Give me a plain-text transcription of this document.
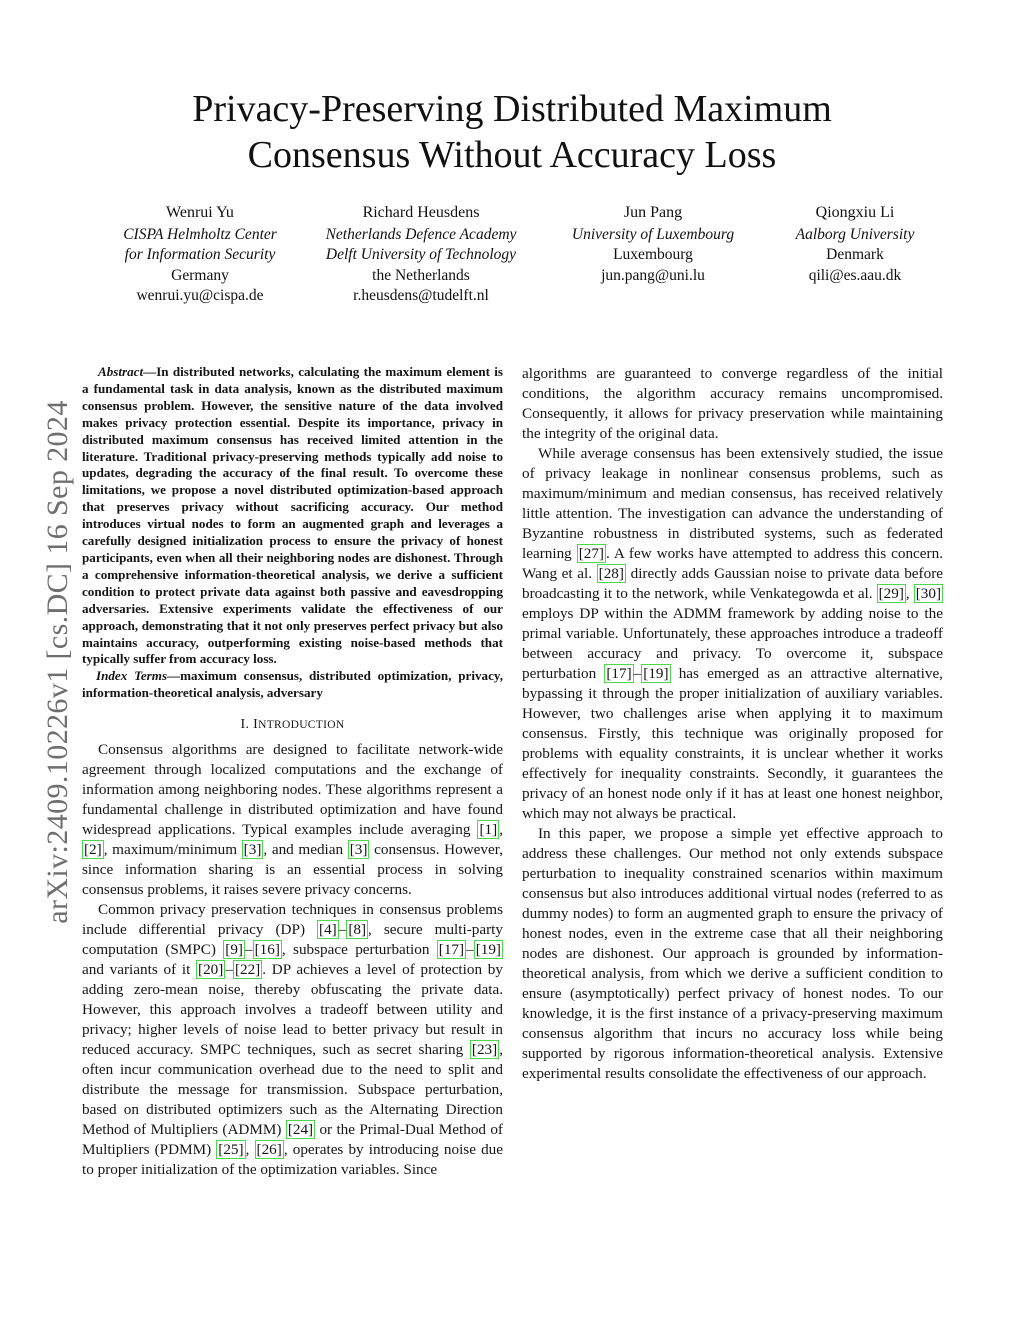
arXiv:2409.10226v1 [cs.DC] 16 Sep 2024
Privacy-Preserving Distributed Maximum
Consensus Without Accuracy Loss
Wenrui Yu
CISPA Helmholtz Center
for Information Security
Germany
wenrui.yu@cispa.de
Richard Heusdens
Netherlands Defence Academy
Delft University of Technology
the Netherlands
r.heusdens@tudelft.nl
Jun Pang
University of Luxembourg
Luxembourg
jun.pang@uni.lu
Qiongxiu Li
Aalborg University
Denmark
qili@es.aau.dk

Abstract—In distributed networks, calculating the maximum element is a fundamental task in data analysis, known as the distributed maximum consensus problem. However, the sensitive nature of the data involved makes privacy protection essential. Despite its importance, privacy in distributed maximum consensus has received limited attention in the literature. Traditional privacy-preserving methods typically add noise to updates, degrading the accuracy of the final result. To overcome these limitations, we propose a novel distributed optimization-based approach that preserves privacy without sacrificing accuracy. Our method introduces virtual nodes to form an augmented graph and leverages a carefully designed initialization process to ensure the privacy of honest participants, even when all their neighboring nodes are dishonest. Through a comprehensive information-theoretical analysis, we derive a sufficient condition to protect private data against both passive and eavesdropping adversaries. Extensive experiments validate the effectiveness of our approach, demonstrating that it not only preserves perfect privacy but also maintains accuracy, outperforming existing noise-based methods that typically suffer from accuracy loss.

Index Terms—maximum consensus, distributed optimization, privacy, information-theoretical analysis, adversary

I. INTRODUCTION

Consensus algorithms are designed to facilitate network-wide agreement through localized computations and the exchange of information among neighboring nodes. These algorithms represent a fundamental challenge in distributed optimization and have found widespread applications. Typical examples include averaging [1] , [2] , maximum/minimum [3] , and median [3] consensus. However, since information sharing is an essential process in solving consensus problems, it raises severe privacy concerns.

Common privacy preservation techniques in consensus problems include differential privacy (DP) [4] – [8] , secure multi-party computation (SMPC) [9] – [16] , subspace perturbation [17] – [19] and variants of it [20] – [22] . DP achieves a level of protection by adding zero-mean noise, thereby obfuscating the private data. However, this approach involves a tradeoff between utility and privacy; higher levels of noise lead to better privacy but result in reduced accuracy. SMPC techniques, such as secret sharing [23] , often incur communication overhead due to the need to split and distribute the message for transmission. Subspace perturbation, based on distributed optimizers such as the Alternating Direction Method of Multipliers (ADMM) [24] or the Primal-Dual Method of Multipliers (PDMM) [25] , [26] , operates by introducing noise due to proper initialization of the optimization variables. Since

algorithms are guaranteed to converge regardless of the initial conditions, the algorithm accuracy remains uncompromised. Consequently, it allows for privacy preservation while maintaining the integrity of the original data.

While average consensus has been extensively studied, the issue of privacy leakage in nonlinear consensus problems, such as maximum/minimum and median consensus, has received relatively little attention. The investigation can advance the understanding of Byzantine robustness in distributed systems, such as federated learning [27] . A few works have attempted to address this concern. Wang et al. [28] directly adds Gaussian noise to private data before broadcasting it to the network, while Venkategowda et al. [29] , [30] employs DP within the ADMM framework by adding noise to the primal variable. Unfortunately, these approaches introduce a tradeoff between accuracy and privacy. To overcome it, subspace perturbation [17] – [19] has emerged as an attractive alternative, bypassing it through the proper initialization of auxiliary variables. However, two challenges arise when applying it to maximum consensus. Firstly, this technique was originally proposed for problems with equality constraints, it is unclear whether it works effectively for inequality constraints. Secondly, it guarantees the privacy of an honest node only if it has at least one honest neighbor, which may not always be practical.

In this paper, we propose a simple yet effective approach to address these challenges. Our method not only extends subspace perturbation to inequality constrained scenarios within maximum consensus but also introduces additional virtual nodes (referred to as dummy nodes) to form an augmented graph to ensure the privacy of honest nodes, even in the extreme case that all their neighboring nodes are dishonest. Our approach is grounded by information-theoretical analysis, from which we derive a sufficient condition to ensure (asymptotically) perfect privacy of honest nodes. To our knowledge, it is the first instance of a privacy-preserving maximum consensus algorithm that incurs no accuracy loss while being supported by rigorous information-theoretical analysis. Extensive experimental results consolidate the effectiveness of our approach.
